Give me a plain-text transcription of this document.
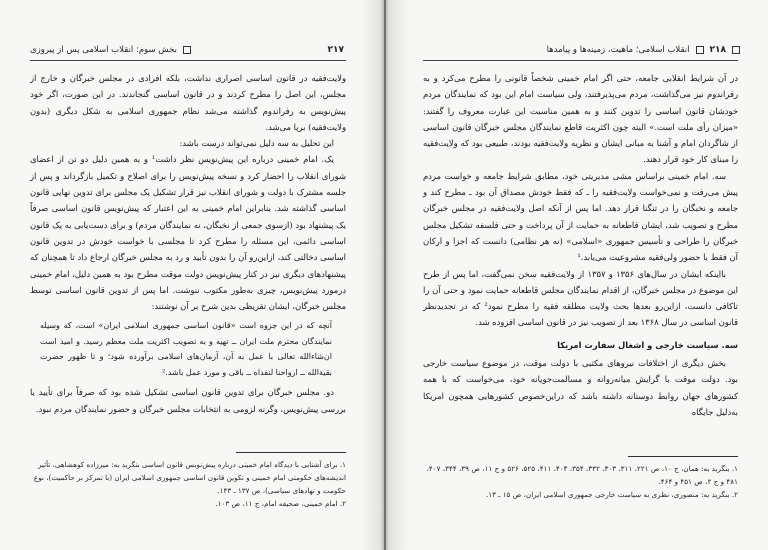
۲۱۷
بخش سوم: انقلاب اسلامی پس از پیروزی

ولایت‌فقیه در قانون اساسی اصراری نداشت، بلکه افرادی در مجلس خبرگان و خارج از مجلس، این اصل را مطرح کردند و در قانون اساسی گنجاندند. در این صورت، اگر خود پیش‌نویس به رفراندوم گذاشته می‌شد نظام جمهوری اسلامی به شکل دیگری (بدون ولایت‌فقیه) برپا می‌شد.

این تحلیل به سه دلیل نمی‌تواند درست باشد:

یک. امام خمینی درباره این پیش‌نویس نظر داشت¹ و به همین دلیل دو تن از اعضای شورای انقلاب را احضار کرد و نسخه پیش‌نویس را برای اصلاح و تکمیل بازگرداند و پس از جلسه مشترک با دولت و شورای انقلاب نیز قرار تشکیل یک مجلس برای تدوین نهایی قانون اساسی گذاشته شد. بنابراین امام خمینی به این اعتبار که پیش‌نویس قانون اساسی صرفاً یک پیشنهاد بود (ازسوی جمعی از نخبگان، نه نمایندگان مردم) و برای دست‌یابی به یک قانون اساسی دائمی، این مسئله را مطرح کرد تا مجلسی با خواست خودش در تدوین قانون اساسی دخالتی کند، ازاین‌رو آن را بدون تأیید و رد به مجلس خبرگان ارجاع داد تا همچنان که پیشنهادهای دیگری نیز در کنار پیش‌نویس دولت موقت مطرح بود به همین دلیل، امام خمینی درمورد پیش‌نویس، چیزی به‌طور مکتوب ننوشت. اما پس از تدوین قانون اساسی توسط مجلس خبرگان، ایشان تقریظی بدین شرح بر آن نوشتند:

آنچه که در این جزوه است «قانون اساسی جمهوری اسلامی ایران» است، که وسیله نمایندگان محترم ملت ایران ــ تهیه و به تصویب اکثریت ملت معظم رسید. و امید است ان‌شاءالله تعالی با عمل به آن، آرمان‌های اسلامی برآورده شود؛ و تا ظهور حضرت بقیةالله ــ ارواحنا لتفداه ــ باقی و مورد عمل باشد.²

دو. مجلس خبرگان برای تدوین قانون اساسی تشکیل شده بود که صرفاً برای تأیید یا بررسی پیش‌نویس، وگرنه لزومی به انتخابات مجلس خبرگان و حضور نمایندگان مردم نبود.

۱. برای آشنایی با دیدگاه امام خمینی درباره پیش‌نویس قانون اساسی بنگرید به: میرزاده کوهشاهی، تأثیر اندیشه‌های حکومتی امام خمینی و تکوین قانون اساسی جمهوری اسلامی ایران (با تمرکز بر حاکمیت)، نوع حکومت و نهادهای سیاسی)، ص ۱۳۷ ـ ۱۴۳.

۲. امام خمینی، صحیفه امام، ج ۱۱، ص ۱۰۳.

۲۱۸
انقلاب اسلامی؛ ماهیت، زمینه‌ها و پیامدها

در آن شرایط انقلابی جامعه، حتی اگر امام خمینی شخصاً قانونی را مطرح می‌کرد و به رفراندوم نیز می‌گذاشت، مردم می‌پذیرفتند، ولی سیاست امام این بود که نمایندگان مردم خودشان قانون اساسی را تدوین کنند و به همین مناسبت این عبارت معروف را گفتند: «میزان رأی ملت است.» البته چون اکثریت قاطع نمایندگان مجلس خبرگان قانون اساسی از شاگردان امام و آشنا به مبانی ایشان و نظریه ولایت‌فقیه بودند، طبیعی بود که ولایت‌فقیه را مبنای کار خود قرار دهند.

سه. امام خمینی براساس مشی مدیریتی خود، مطابق شرایط جامعه و خواست مردم پیش می‌رفت و نمی‌خواست ولایت‌فقیه را ـ که فقط خودش مصداق آن بود ـ مطرح کند و جامعه و نخبگان را در تنگنا قرار دهد. اما پس از آنکه اصل ولایت‌فقیه در مجلس خبرگان مطرح و تصویب شد، ایشان قاطعانه به حمایت از آن پرداخت و حتی فلسفه تشکیل مجلس خبرگان را طراحی و تأسیس جمهوری «اسلامی» (نه هر نظامی) دانست که اجزا و ارکان آن فقط با حضور ولی‌فقیه مشروعیت می‌یابد.¹

بااینکه ایشان در سال‌های ۱۳۵۶ و ۱۳۵۷ از ولایت‌فقیه سخن نمی‌گفت، اما پس از طرح این موضوع در مجلس خبرگان، از اقدام نمایندگان مجلس قاطعانه حمایت نمود و حتی آن را تاکافی دانست، ازاین‌رو بعدها بحث ولایت مطلقه فقیه را مطرح نمود² که در تجدیدنظر قانون اساسی در سال ۱۳۶۸ بعد از تصویب نیز در قانون اساسی افزوده شد.

سه. سیاست خارجی و اشغال سفارت امریکا

بخش دیگری از اختلافات نیروهای مکتبی با دولت موقت، در موضوع سیاست خارجی بود. دولت موقت با گرایش میانه‌روانه و مسالمت‌جویانه خود، می‌خواست که با همه کشورهای جهان روابط دوستانه داشته باشد که دراین‌خصوص کشورهایی همچون امریکا به‌دلیل جایگاه

۱. بنگرید به: همان، ج ۱۰، ص ۲۲۱، ۳۱۱، ۳۰۳، ۳۳۲، ۳۵۴، ۴۰۳، ۴۱۱، ۵۲۵، ۵۲۶ و ج ۱۱، ص ۳۹، ۳۴۴، ۴۰۷، ۴۸۱ و ج ۲، ص ۴۵۱ و ۴۶۴.

۲. بنگرید به: منصوری، نظری به سیاست خارجی جمهوری اسلامی ایران، ص ۱۵ ـ ۱۳.
